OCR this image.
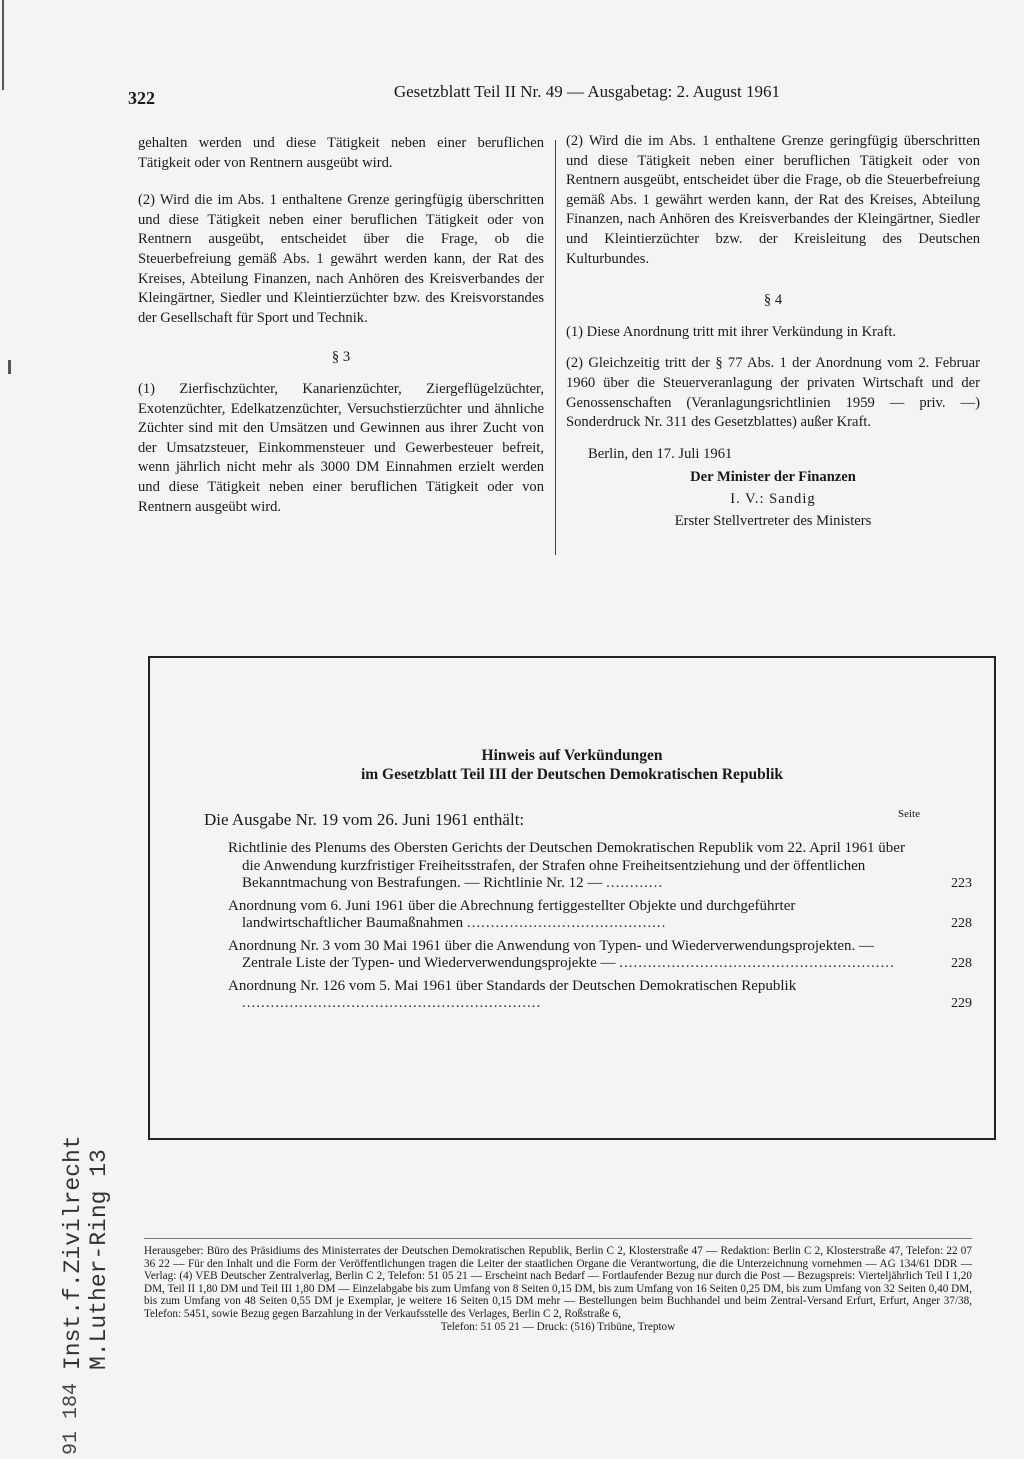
322	Gesetzblatt Teil II Nr. 49 — Ausgabetag: 2. August 1961

gehalten werden und diese Tätigkeit neben einer beruflichen Tätigkeit oder von Rentnern ausgeübt wird.

(2) Wird die im Abs. 1 enthaltene Grenze geringfügig überschritten und diese Tätigkeit neben einer beruflichen Tätigkeit oder von Rentnern ausgeübt, entscheidet über die Frage, ob die Steuerbefreiung gemäß Abs. 1 gewährt werden kann, der Rat des Kreises, Abteilung Finanzen, nach Anhören des Kreisverbandes der Kleingärtner, Siedler und Kleintierzüchter bzw. des Kreisvorstandes der Gesellschaft für Sport und Technik.

§ 3

(1) Zierfischzüchter, Kanarienzüchter, Ziergeflügelzüchter, Exotenzüchter, Edelkatzenzüchter, Versuchstierzüchter und ähnliche Züchter sind mit den Umsätzen und Gewinnen aus ihrer Zucht von der Umsatzsteuer, Einkommensteuer und Gewerbesteuer befreit, wenn jährlich nicht mehr als 3000 DM Einnahmen erzielt werden und diese Tätigkeit neben einer beruflichen Tätigkeit oder von Rentnern ausgeübt wird.

(2) Wird die im Abs. 1 enthaltene Grenze geringfügig überschritten und diese Tätigkeit neben einer beruflichen Tätigkeit oder von Rentnern ausgeübt, entscheidet über die Frage, ob die Steuerbefreiung gemäß Abs. 1 gewährt werden kann, der Rat des Kreises, Abteilung Finanzen, nach Anhören des Kreisverbandes der Kleingärtner, Siedler und Kleintierzüchter bzw. der Kreisleitung des Deutschen Kulturbundes.

§ 4

(1) Diese Anordnung tritt mit ihrer Verkündung in Kraft.

(2) Gleichzeitig tritt der § 77 Abs. 1 der Anordnung vom 2. Februar 1960 über die Steuerveranlagung der privaten Wirtschaft und der Genossenschaften (Veranlagungsrichtlinien 1959 — priv. —) Sonderdruck Nr. 311 des Gesetzblattes) außer Kraft.

Berlin, den 17. Juli 1961

Der Minister der Finanzen

I. V.: Sandig

Erster Stellvertreter des Ministers

Hinweis auf Verkündungen
im Gesetzblatt Teil III der Deutschen Demokratischen Republik
Die Ausgabe Nr. 19 vom 26. Juni 1961 enthält:	Seite
Richtlinie des Plenums des Obersten Gerichts der Deutschen Demokratischen Republik vom 22. April 1961 über die Anwendung kurzfristiger Freiheitsstrafen, der Strafen ohne Freiheitsentziehung und der öffentlichen Bekanntmachung von Bestrafungen. — Richtlinie Nr. 12 — ............	223
Anordnung vom 6. Juni 1961 über die Abrechnung fertiggestellter Objekte und durchgeführter landwirtschaftlicher Baumaßnahmen ..........................................	228
Anordnung Nr. 3 vom 30 Mai 1961 über die Anwendung von Typen- und Wiederverwendungsprojekten. — Zentrale Liste der Typen- und Wiederverwendungsprojekte — ..........................................................	228
Anordnung Nr. 126 vom 5. Mai 1961 über Standards der Deutschen Demokratischen Republik ...............................................................	229

Herausgeber: Büro des Präsidiums des Ministerrates der Deutschen Demokratischen Republik, Berlin C 2, Klosterstraße 47 — Redaktion: Berlin C 2, Klosterstraße 47, Telefon: 22 07 36 22 — Für den Inhalt und die Form der Veröffentlichungen tragen die Leiter der staatlichen Organe die Verantwortung, die die Unterzeichnung vornehmen — AG 134/61 DDR — Verlag: (4) VEB Deutscher Zentralverlag, Berlin C 2, Telefon: 51 05 21 — Erscheint nach Bedarf — Fortlaufender Bezug nur durch die Post — Bezugspreis: Vierteljährlich Teil I 1,20 DM, Teil II 1,80 DM und Teil III 1,80 DM — Einzelabgabe bis zum Umfang von 8 Seiten 0,15 DM, bis zum Umfang von 16 Seiten 0,25 DM, bis zum Umfang von 32 Seiten 0,40 DM, bis zum Umfang von 48 Seiten 0,55 DM je Exemplar, je weitere 16 Seiten 0,15 DM mehr — Bestellungen beim Buchhandel und beim Zentral-Versand Erfurt, Erfurt, Anger 37/38, Telefon: 5451, sowie Bezug gegen Barzahlung in der Verkaufsstelle des Verlages, Berlin C 2, Roßstraße 6,

Telefon: 51 05 21 — Druck: (516) Tribüne, Treptow

Inst.f.Zivilrecht M.Luther-Ring 13
91 184
